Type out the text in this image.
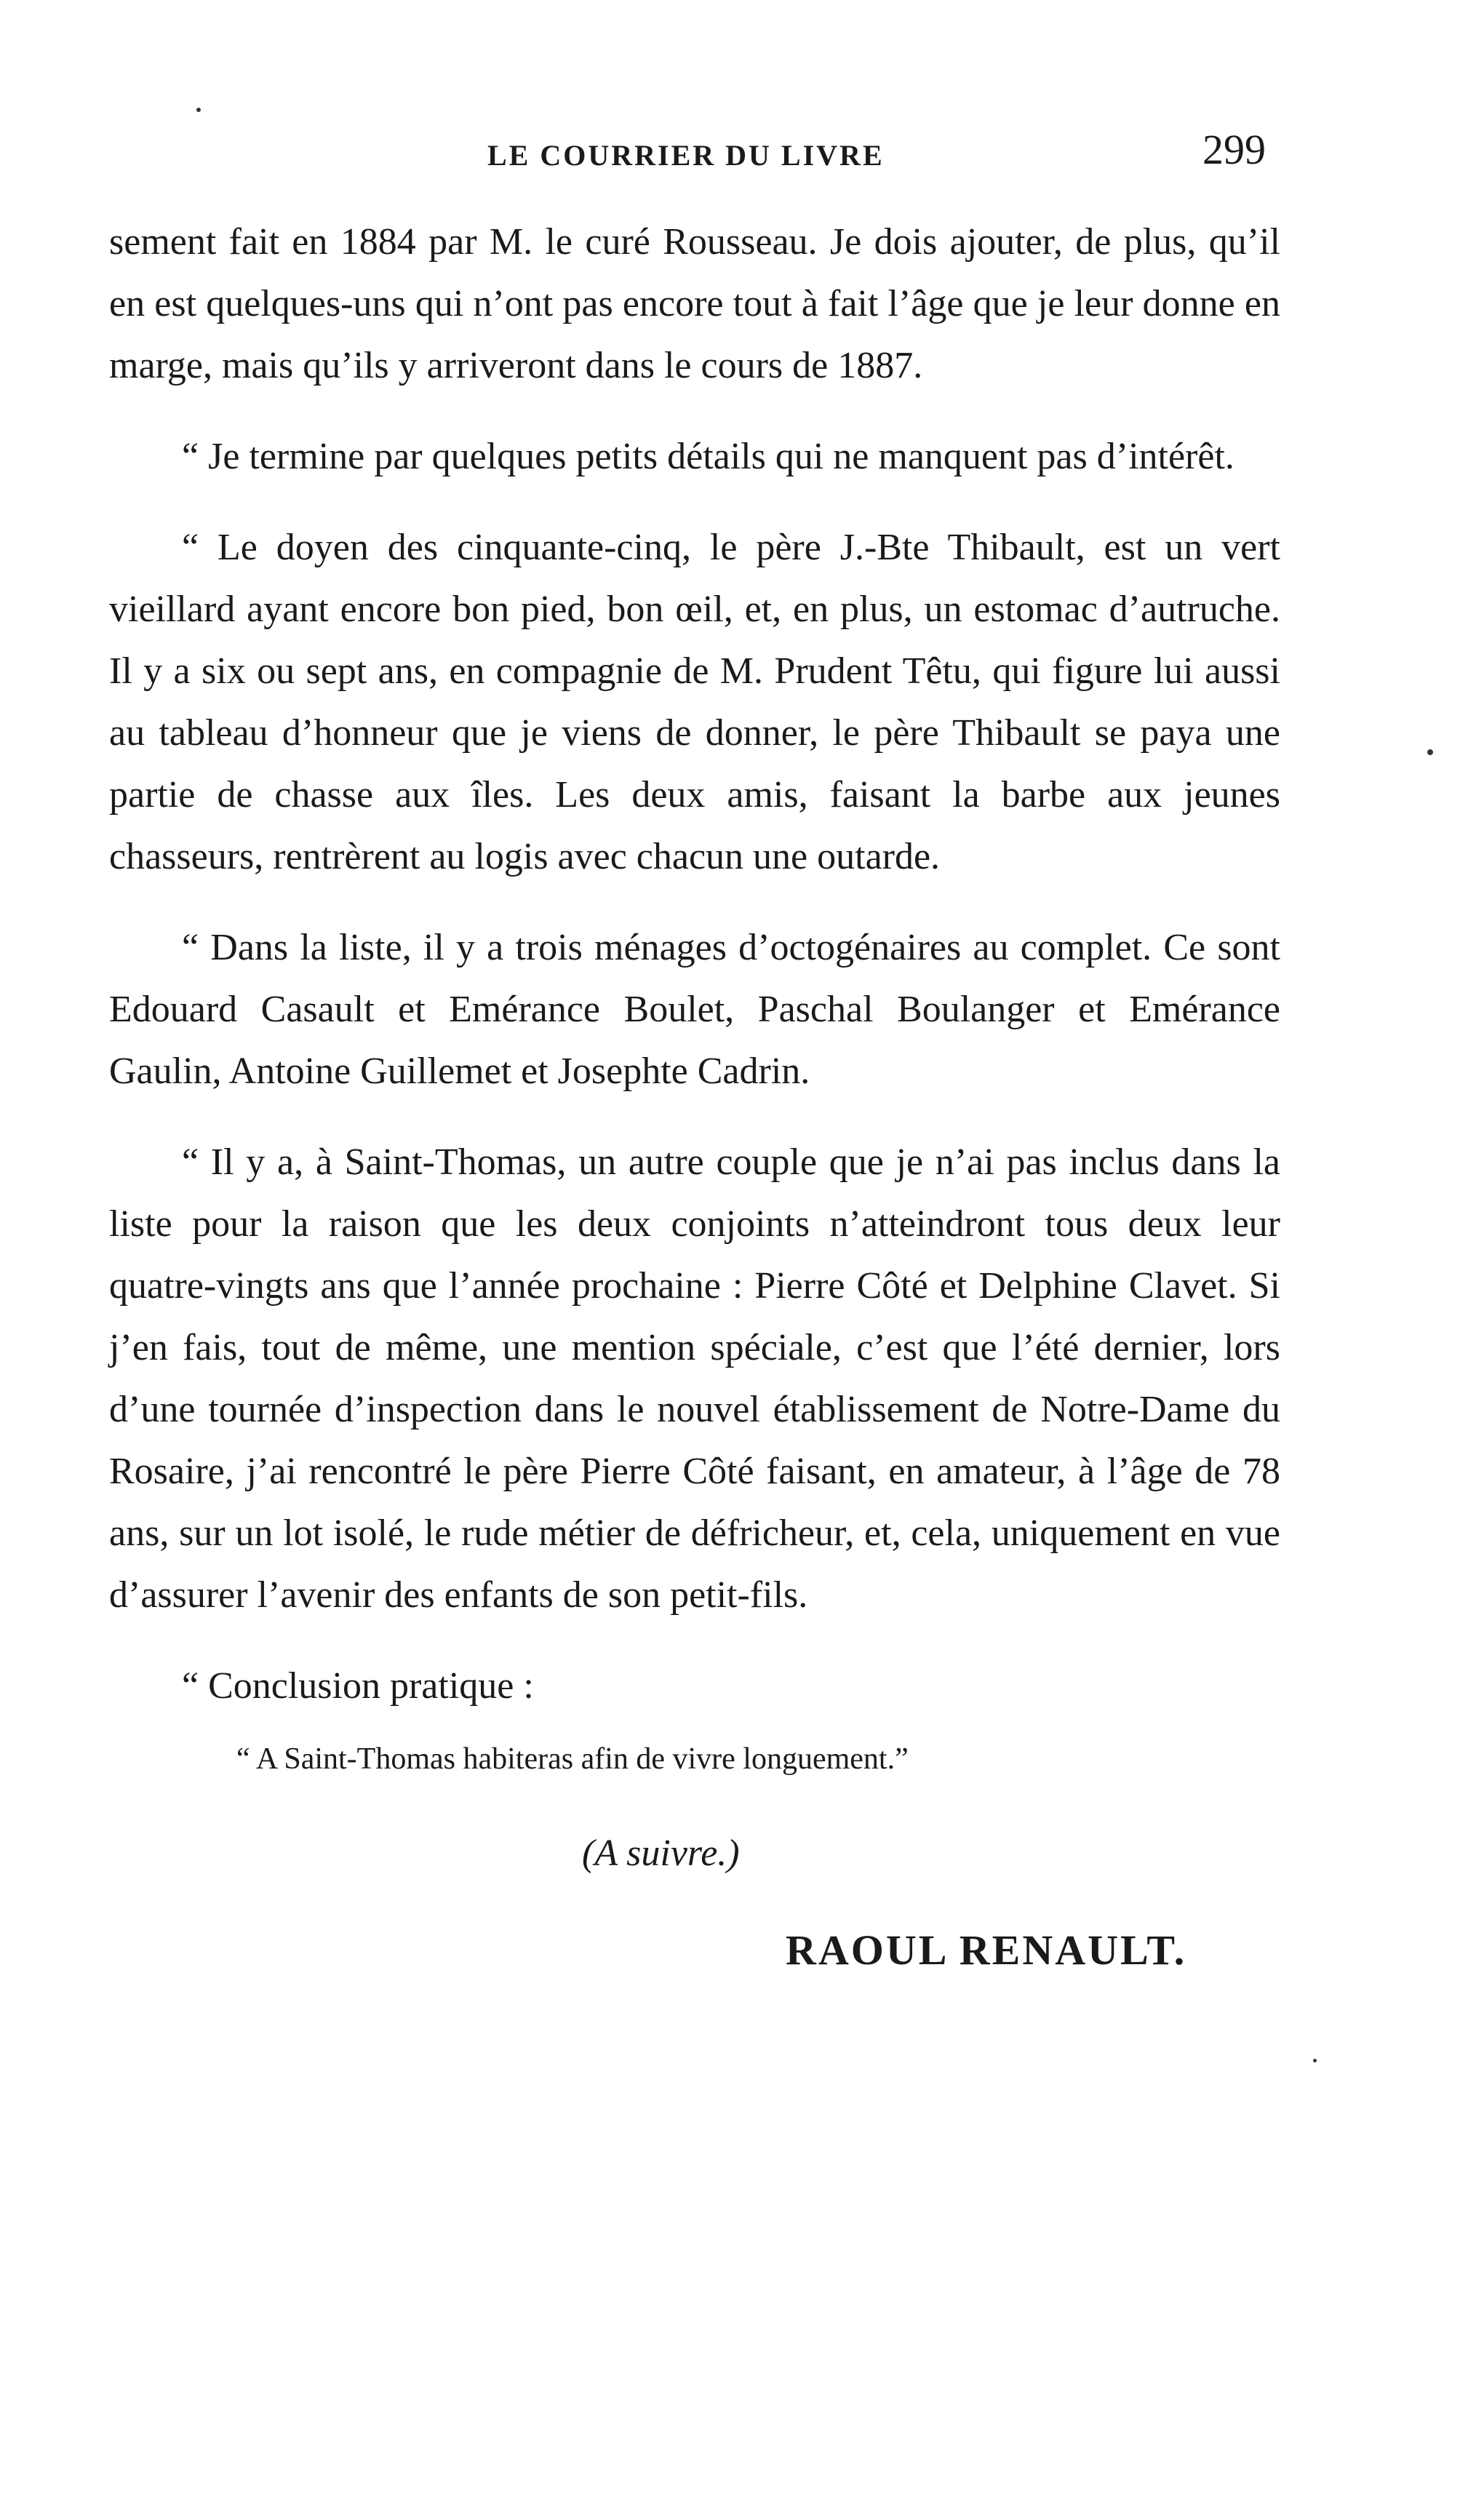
LE COURRIER DU LIVRE	299

sement fait en 1884 par M. le curé Rousseau. Je dois ajouter, de plus, qu’il en est quelques-uns qui n’ont pas encore tout à fait l’âge que je leur donne en marge, mais qu’ils y arriveront dans le cours de 1887.

“ Je termine par quelques petits détails qui ne manquent pas d’intérêt.

“ Le doyen des cinquante-cinq, le père J.-Bte Thibault, est un vert vieillard ayant encore bon pied, bon œil, et, en plus, un estomac d’autruche. Il y a six ou sept ans, en compagnie de M. Prudent Têtu, qui figure lui aussi au tableau d’honneur que je viens de donner, le père Thibault se paya une partie de chasse aux îles. Les deux amis, faisant la barbe aux jeunes chasseurs, rentrèrent au logis avec chacun une outarde.

“ Dans la liste, il y a trois ménages d’octogénaires au complet. Ce sont Edouard Casault et Emérance Boulet, Paschal Boulanger et Emérance Gaulin, Antoine Guillemet et Josephte Cadrin.

“ Il y a, à Saint-Thomas, un autre couple que je n’ai pas inclus dans la liste pour la raison que les deux conjoints n’atteindront tous deux leur quatre-vingts ans que l’année prochaine : Pierre Côté et Delphine Clavet. Si j’en fais, tout de même, une mention spéciale, c’est que l’été dernier, lors d’une tournée d’inspection dans le nouvel établissement de Notre-Dame du Rosaire, j’ai rencontré le père Pierre Côté faisant, en amateur, à l’âge de 78 ans, sur un lot isolé, le rude métier de défricheur, et, cela, uniquement en vue d’assurer l’avenir des enfants de son petit-fils.

“ Conclusion pratique :

“ A Saint-Thomas habiteras afin de vivre longuement.”
(A suivre.)
RAOUL RENAULT.
